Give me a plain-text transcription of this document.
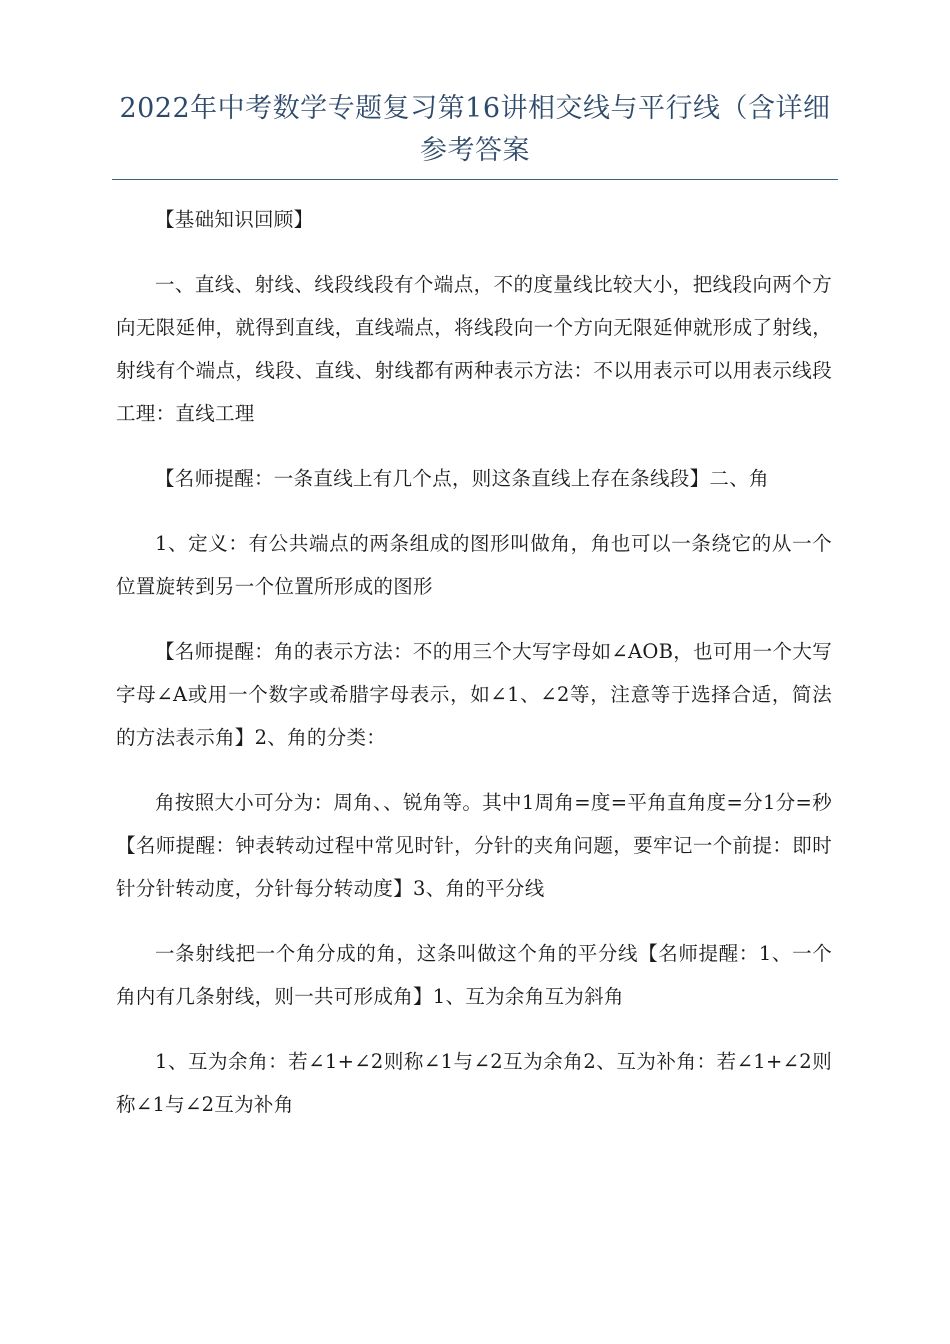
2022年中考数学专题复习第16讲相交线与平行线（含详细参考答案

【基础知识回顾】

一、直线、射线、线段线段有个端点，不的度量线比较大小，把线段向两个方向无限延伸，就得到直线，直线端点，将线段向一个方向无限延伸就形成了射线，射线有个端点，线段、直线、射线都有两种表示方法：不以用表示可以用表示线段工理：直线工理

【名师提醒：一条直线上有几个点，则这条直线上存在条线段】二、角

1、定义：有公共端点的两条组成的图形叫做角，角也可以一条绕它的从一个位置旋转到另一个位置所形成的图形

【名师提醒：角的表示方法：不的用三个大写字母如∠AOB，也可用一个大写字母∠A或用一个数字或希腊字母表示，如∠1、∠2等，注意等于选择合适，简法的方法表示角】2、角的分类：

角按照大小可分为：周角、、锐角等。其中1周角=度=平角直角度=分1分=秒【名师提醒：钟表转动过程中常见时针，分针的夹角问题，要牢记一个前提：即时针分针转动度，分针每分转动度】3、角的平分线

一条射线把一个角分成的角，这条叫做这个角的平分线【名师提醒：1、一个角内有几条射线，则一共可形成角】1、互为余角互为斜角

1、互为余角：若∠1+∠2则称∠1与∠2互为余角2、互为补角：若∠1+∠2则称∠1与∠2互为补角
